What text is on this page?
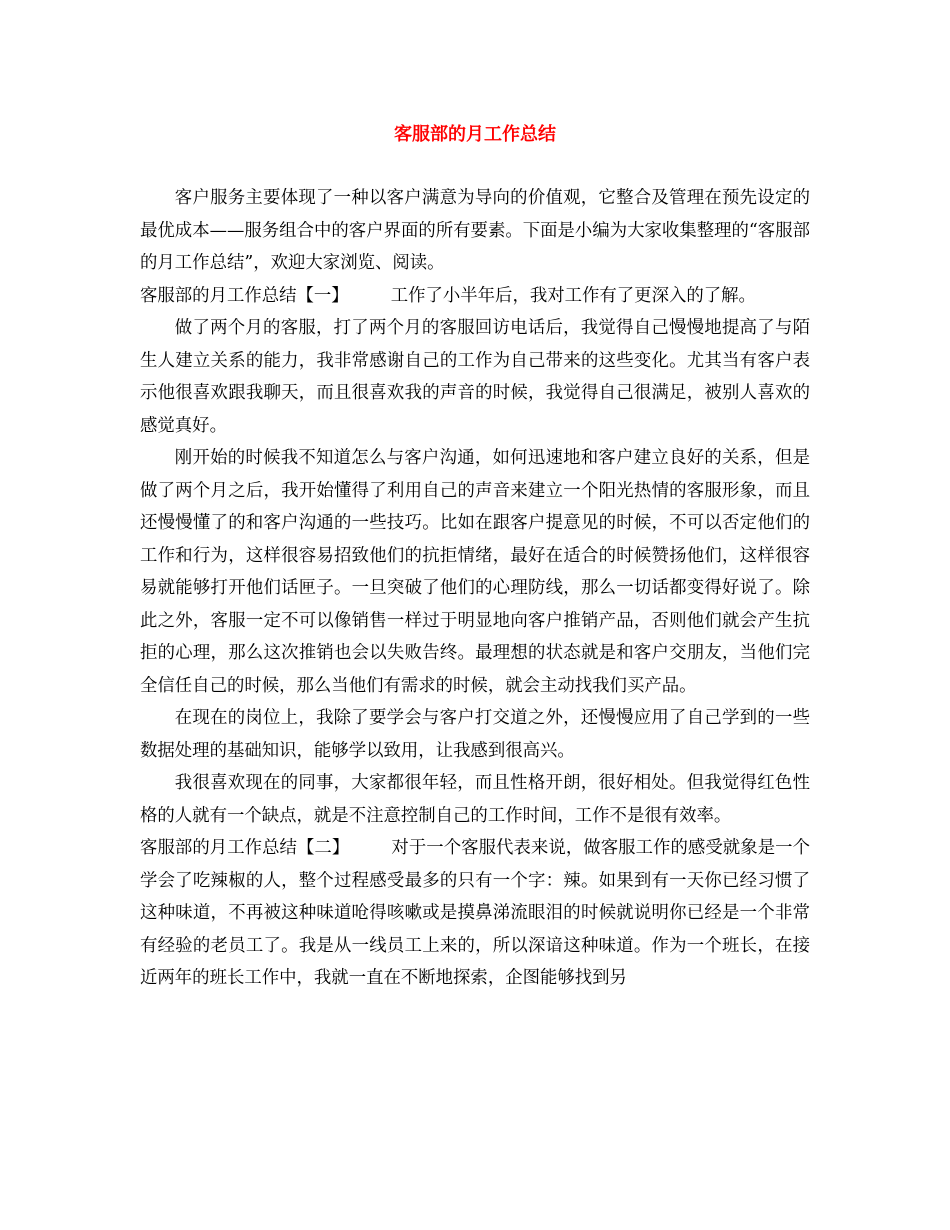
客服部的月工作总结

客户服务主要体现了一种以客户满意为导向的价值观，它整合及管理在预先设定的最优成本——服务组合中的客户界面的所有要素。下面是小编为大家收集整理的“客服部的月工作总结”，欢迎大家浏览、阅读。

客服部的月工作总结【一】 工作了小半年后，我对工作有了更深入的了解。

做了两个月的客服，打了两个月的客服回访电话后，我觉得自己慢慢地提高了与陌生人建立关系的能力，我非常感谢自己的工作为自己带来的这些变化。尤其当有客户表示他很喜欢跟我聊天，而且很喜欢我的声音的时候，我觉得自己很满足，被别人喜欢的感觉真好。

刚开始的时候我不知道怎么与客户沟通，如何迅速地和客户建立良好的关系，但是做了两个月之后，我开始懂得了利用自己的声音来建立一个阳光热情的客服形象，而且还慢慢懂了的和客户沟通的一些技巧。比如在跟客户提意见的时候，不可以否定他们的工作和行为，这样很容易招致他们的抗拒情绪，最好在适合的时候赞扬他们，这样很容易就能够打开他们话匣子。一旦突破了他们的心理防线，那么一切话都变得好说了。除此之外，客服一定不可以像销售一样过于明显地向客户推销产品，否则他们就会产生抗拒的心理，那么这次推销也会以失败告终。最理想的状态就是和客户交朋友，当他们完全信任自己的时候，那么当他们有需求的时候，就会主动找我们买产品。

在现在的岗位上，我除了要学会与客户打交道之外，还慢慢应用了自己学到的一些数据处理的基础知识，能够学以致用，让我感到很高兴。

我很喜欢现在的同事，大家都很年轻，而且性格开朗，很好相处。但我觉得红色性格的人就有一个缺点，就是不注意控制自己的工作时间，工作不是很有效率。

客服部的月工作总结【二】 对于一个客服代表来说，做客服工作的感受就象是一个学会了吃辣椒的人，整个过程感受最多的只有一个字：辣。如果到有一天你已经习惯了这种味道，不再被这种味道呛得咳嗽或是摸鼻涕流眼泪的时候就说明你已经是一个非常有经验的老员工了。我是从一线员工上来的，所以深谙这种味道。作为一个班长，在接近两年的班长工作中，我就一直在不断地探索，企图能够找到另
